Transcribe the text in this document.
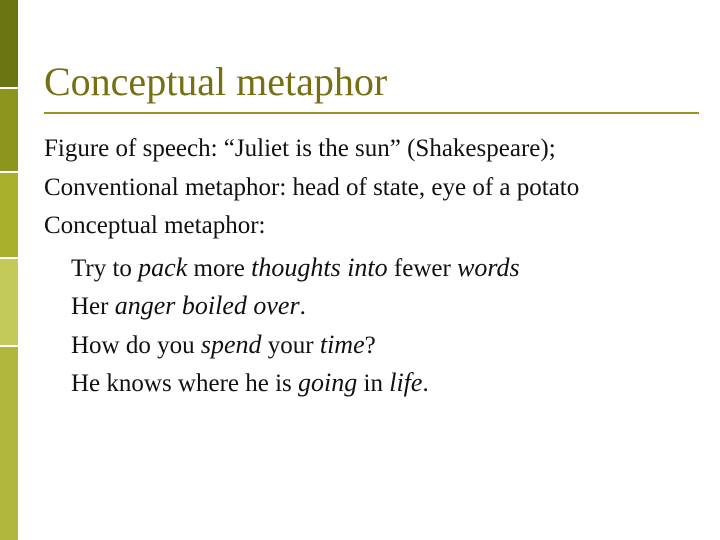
Conceptual metaphor
Figure of speech: “Juliet is the sun” (Shakespeare);
Conventional metaphor: head of state, eye of a potato
Conceptual metaphor:
Try to pack more thoughts into fewer words
Her anger boiled over.
How do you spend your time?
He knows where he is going in life.
